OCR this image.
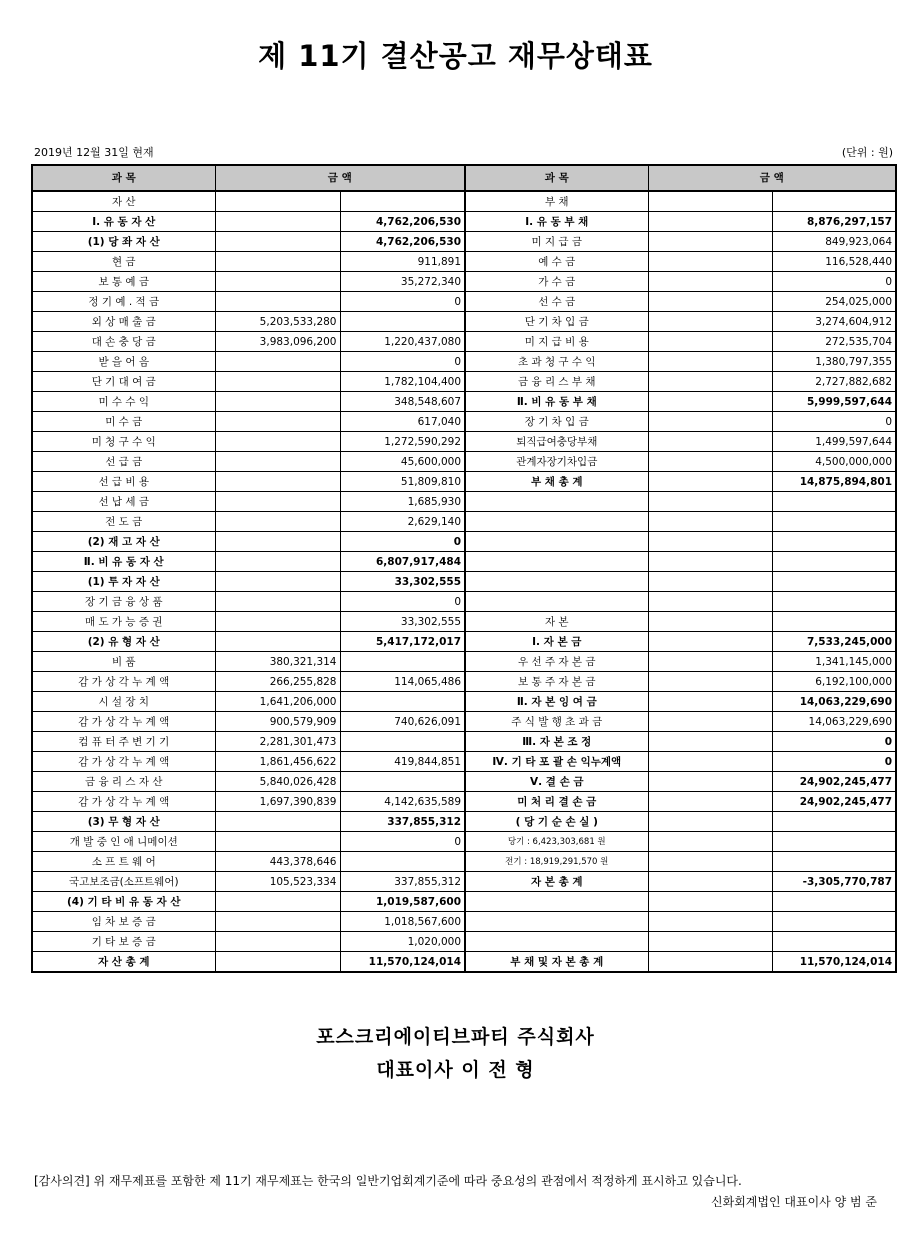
제 11기 결산공고 재무상태표
2019년 12월 31일 현재	(단위 : 원)
과 목	금 액		과 목	금 액	
자 산			부 채		
Ⅰ. 유 동 자 산		4,762,206,530	Ⅰ. 유 동 부 채		8,876,297,157
(1) 당 좌 자 산		4,762,206,530	미 지 급 금		849,923,064
현 금		911,891	예 수 금		116,528,440
보 통 예 금		35,272,340	가 수 금		0
정 기 예 . 적 금		0	선 수 금		254,025,000
외 상 매 출 금	5,203,533,280		단 기 차 입 금		3,274,604,912
대 손 충 당 금	3,983,096,200	1,220,437,080	미 지 급 비 용		272,535,704
받 을 어 음		0	초 과 청 구 수 익		1,380,797,355
단 기 대 여 금		1,782,104,400	금 융 리 스 부 채		2,727,882,682
미 수 수 익		348,548,607	Ⅱ. 비 유 동 부 채		5,999,597,644
미 수 금		617,040	장 기 차 입 금		0
미 청 구 수 익		1,272,590,292	퇴직급여충당부채		1,499,597,644
선 급 금		45,600,000	관계자장기차입금		4,500,000,000
선 급 비 용		51,809,810	부 채 총 계		14,875,894,801
선 납 세 금		1,685,930			
전 도 금		2,629,140			
(2) 재 고 자 산		0			
Ⅱ. 비 유 동 자 산		6,807,917,484			
(1) 투 자 자 산		33,302,555			
장 기 금 융 상 품		0			
매 도 가 능 증 권		33,302,555	자 본		
(2) 유 형 자 산		5,417,172,017	Ⅰ. 자 본 금		7,533,245,000
비 품	380,321,314		우 선 주 자 본 금		1,341,145,000
감 가 상 각 누 계 액	266,255,828	114,065,486	보 통 주 자 본 금		6,192,100,000
시 설 장 치	1,641,206,000		Ⅱ. 자 본 잉 여 금		14,063,229,690
감 가 상 각 누 계 액	900,579,909	740,626,091	주 식 발 행 초 과 금		14,063,229,690
컴 퓨 터 주 변 기 기	2,281,301,473		Ⅲ. 자 본 조 정		0
감 가 상 각 누 계 액	1,861,456,622	419,844,851	Ⅳ. 기 타 포 괄 손 익누계액		0
금 융 리 스 자 산	5,840,026,428		Ⅴ. 결 손 금		24,902,245,477
감 가 상 각 누 계 액	1,697,390,839	4,142,635,589	미 처 리 결 손 금		24,902,245,477
(3) 무 형 자 산		337,855,312	( 당 기 순 손 실 )		
개 발 중 인 애 니메이션		0	당기 : 6,423,303,681 원		
소 프 트 웨 어	443,378,646		전기 : 18,919,291,570 원		
국고보조금(소프트웨어)	105,523,334	337,855,312	자 본 총 계		-3,305,770,787
(4) 기 타 비 유 동 자 산		1,019,587,600			
임 차 보 증 금		1,018,567,600			
기 타 보 증 금		1,020,000			
자 산 총 계		11,570,124,014	부 채 및 자 본 총 계		11,570,124,014
포스크리에이티브파티 주식회사
대표이사 이 전 형
[감사의견] 위 재무제표를 포함한 제 11기 재무제표는 한국의 일반기업회계기준에 따라 중요성의 관점에서 적정하게 표시하고 있습니다.
신화회계법인 대표이사 양 범 준
